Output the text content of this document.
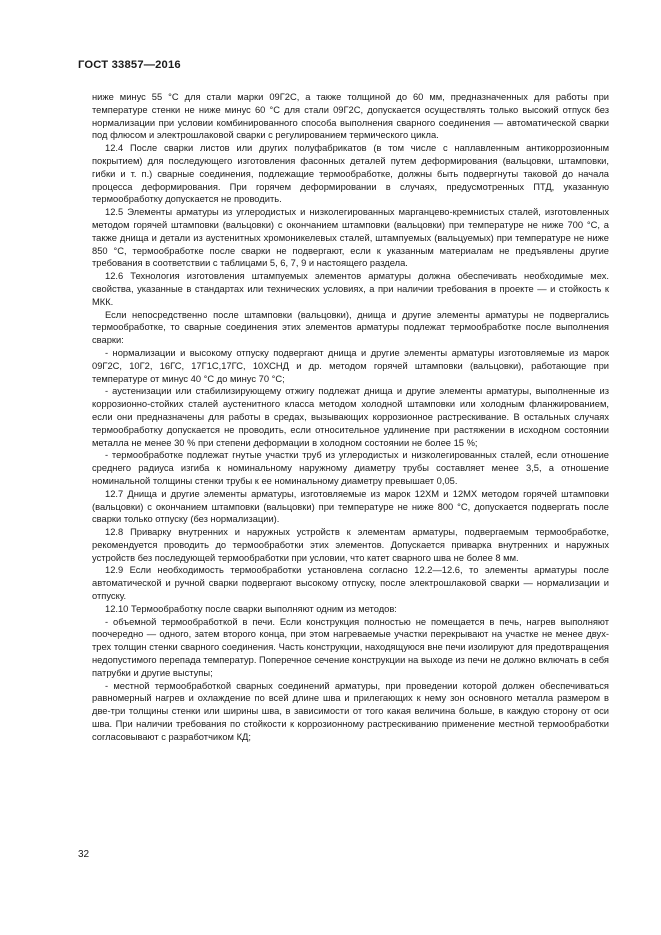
ГОСТ 33857—2016

ниже минус 55 °С для стали марки 09Г2С, а также толщиной до 60 мм, предназначенных для работы при температуре стенки не ниже минус 60 °С для стали 09Г2С, допускается осуществлять только высокий отпуск без нормализации при условии комбинированного способа выполнения сварного соединения — автоматической сварки под флюсом и электрошлаковой сварки с регулированием термического цикла.

12.4 После сварки листов или других полуфабрикатов (в том числе с наплавленным антикоррозионным покрытием) для последующего изготовления фасонных деталей путем деформирования (вальцовки, штамповки, гибки и т. п.) сварные соединения, подлежащие термообработке, должны быть подвергнуты таковой до начала процесса деформирования. При горячем деформировании в случаях, предусмотренных ПТД, указанную термообработку допускается не проводить.

12.5 Элементы арматуры из углеродистых и низколегированных марганцево-кремнистых сталей, изготовленных методом горячей штамповки (вальцовки) с окончанием штамповки (вальцовки) при температуре не ниже 700 °С, а также днища и детали из аустенитных хромоникелевых сталей, штампуемых (вальцуемых) при температуре не ниже 850 °С, термообработке после сварки не подвергают, если к указанным материалам не предъявлены другие требования в соответствии с таблицами 5, 6, 7, 9 и настоящего раздела.

12.6 Технология изготовления штампуемых элементов арматуры должна обеспечивать необходимые мех. свойства, указанные в стандартах или технических условиях, а при наличии требования в проекте — и стойкость к МКК.

Если непосредственно после штамповки (вальцовки), днища и другие элементы арматуры не подвергались термообработке, то сварные соединения этих элементов арматуры подлежат термообработке после выполнения сварки:

- нормализации и высокому отпуску подвергают днища и другие элементы арматуры изготовляемые из марок 09Г2С, 10Г2, 16ГС, 17Г1С,17ГС, 10ХСНД и др. методом горячей штамповки (вальцовки), работающие при температуре от минус 40 °С до минус 70 °С;

- аустенизации или стабилизирующему отжигу подлежат днища и другие элементы арматуры, выполненные из коррозионно-стойких сталей аустенитного класса методом холодной штамповки или холодным фланжированием, если они предназначены для работы в средах, вызывающих коррозионное растрескивание. В остальных случаях термообработку допускается не проводить, если относительное удлинение при растяжении в исходном состоянии металла не менее 30 % при степени деформации в холодном состоянии не более 15 %;

- термообработке подлежат гнутые участки труб из углеродистых и низколегированных сталей, если отношение среднего радиуса изгиба к номинальному наружному диаметру трубы составляет менее 3,5, а отношение номинальной толщины стенки трубы к ее номинальному диаметру превышает 0,05.

12.7 Днища и другие элементы арматуры, изготовляемые из марок 12ХМ и 12МХ методом горячей штамповки (вальцовки) с окончанием штамповки (вальцовки) при температуре не ниже 800 °С, допускается подвергать после сварки только отпуску (без нормализации).

12.8 Приварку внутренних и наружных устройств к элементам арматуры, подвергаемым термообработке, рекомендуется проводить до термообработки этих элементов. Допускается приварка внутренних и наружных устройств без последующей термообработки при условии, что катет сварного шва не более 8 мм.

12.9 Если необходимость термообработки установлена согласно 12.2—12.6, то элементы арматуры после автоматической и ручной сварки подвергают высокому отпуску, после электрошлаковой сварки — нормализации и отпуску.

12.10 Термообработку после сварки выполняют одним из методов:

- объемной термообработкой в печи. Если конструкция полностью не помещается в печь, нагрев выполняют поочередно — одного, затем второго конца, при этом нагреваемые участки перекрывают на участке не менее двух-трех толщин стенки сварного соединения. Часть конструкции, находящуюся вне печи изолируют для предотвращения недопустимого перепада температур. Поперечное сечение конструкции на выходе из печи не должно включать в себя патрубки и другие выступы;

- местной термообработкой сварных соединений арматуры, при проведении которой должен обеспечиваться равномерный нагрев и охлаждение по всей длине шва и прилегающих к нему зон основного металла размером в две-три толщины стенки или ширины шва, в зависимости от того какая величина больше, в каждую сторону от оси шва. При наличии требования по стойкости к коррозионному растрескиванию применение местной термообработки согласовывают с разработчиком КД;

32
